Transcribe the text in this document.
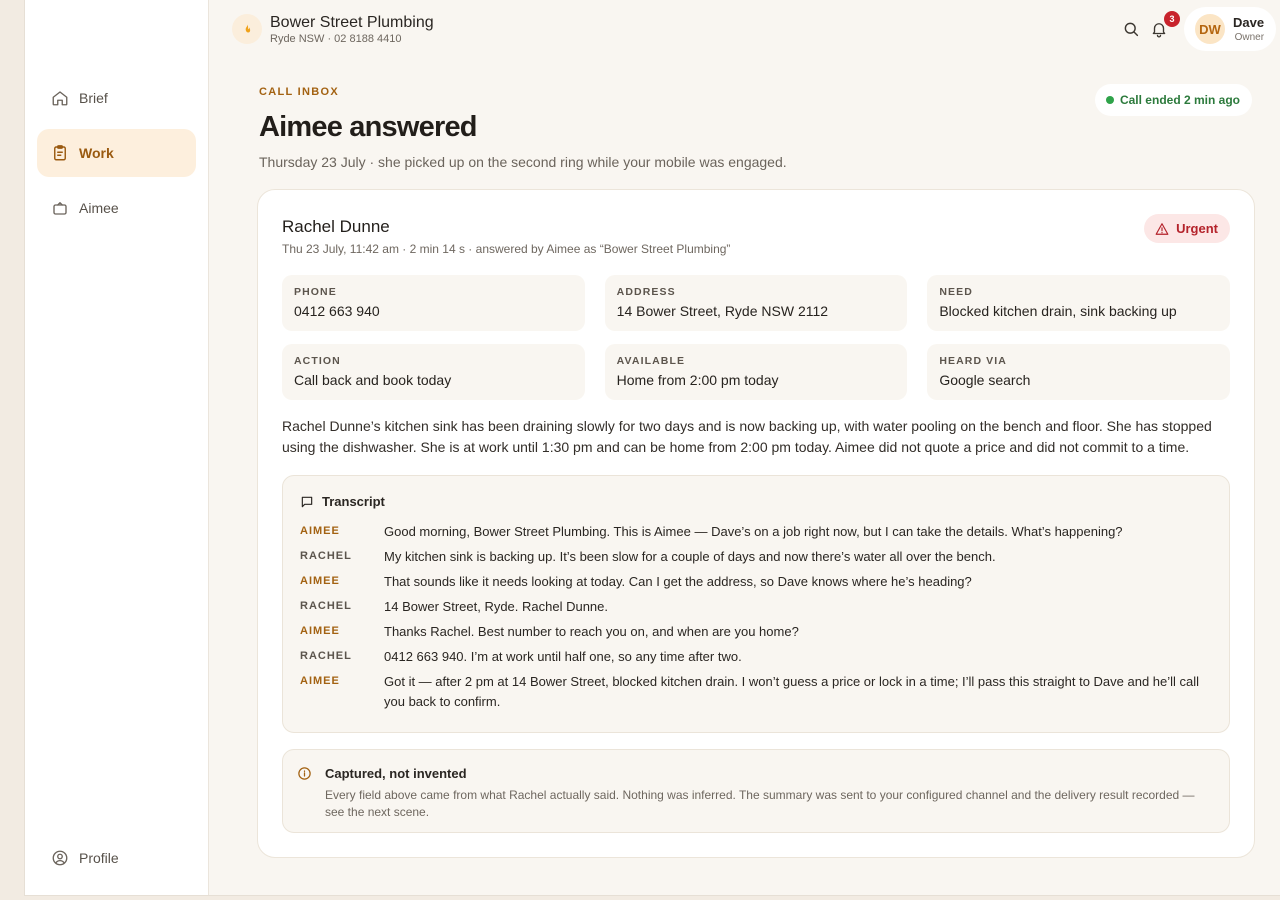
Brief
Work
Aimee
Profile
Bower Street Plumbing
Ryde NSW · 02 8188 4410
3
DW Dave
Owner
CALL INBOX
Aimee answered
Thursday 23 July · she picked up on the second ring while your mobile was engaged.
Call ended 2 min ago
Rachel Dunne
Thu 23 July, 11:42 am · 2 min 14 s · answered by Aimee as “Bower Street Plumbing”
Urgent
PHONE
0412 663 940
ADDRESS
14 Bower Street, Ryde NSW 2112
NEED
Blocked kitchen drain, sink backing up
ACTION
Call back and book today
AVAILABLE
Home from 2:00 pm today
HEARD VIA
Google search

Rachel Dunne’s kitchen sink has been draining slowly for two days and is now backing up, with water pooling on the bench and floor. She has stopped using the dishwasher. She is at work until 1:30 pm and can be home from 2:00 pm today. Aimee did not quote a price and did not commit to a time.

Transcript
AIMEE	Good morning, Bower Street Plumbing. This is Aimee — Dave’s on a job right now, but I can take the details. What’s happening?
RACHEL	My kitchen sink is backing up. It’s been slow for a couple of days and now there’s water all over the bench.
AIMEE	That sounds like it needs looking at today. Can I get the address, so Dave knows where he’s heading?
RACHEL	14 Bower Street, Ryde. Rachel Dunne.
AIMEE	Thanks Rachel. Best number to reach you on, and when are you home?
RACHEL	0412 663 940. I’m at work until half one, so any time after two.
AIMEE	Got it — after 2 pm at 14 Bower Street, blocked kitchen drain. I won’t guess a price or lock in a time; I’ll pass this straight to Dave and he’ll call you back to confirm.
Captured, not invented
Every field above came from what Rachel actually said. Nothing was inferred. The summary was sent to your configured channel and the delivery result recorded — see the next scene.
